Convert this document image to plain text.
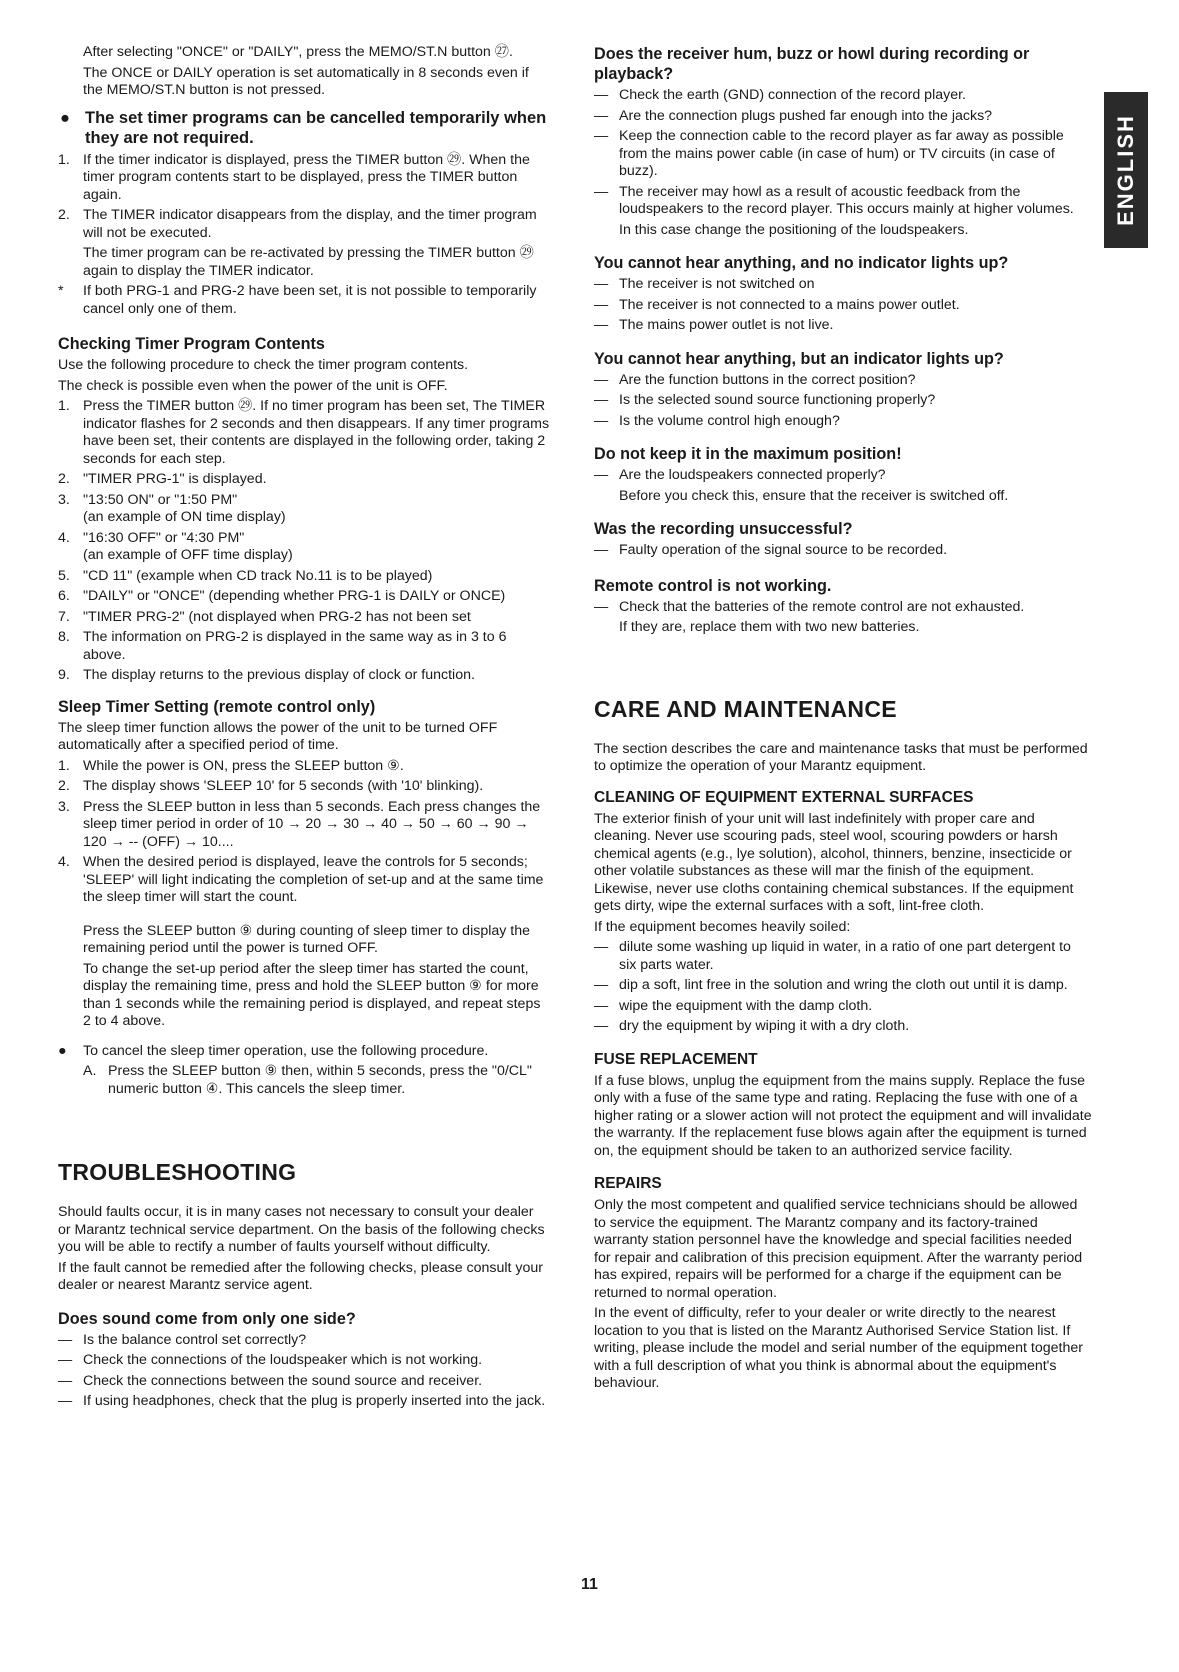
ENGLISH

After selecting "ONCE" or "DAILY", press the MEMO/ST.N button ㉗.

The ONCE or DAILY operation is set automatically in 8 seconds even if the MEMO/ST.N button is not pressed.

● The set timer programs can be cancelled temporarily when they are not required.
1. If the timer indicator is displayed, press the TIMER button ㉙. When the timer program contents start to be displayed, press the TIMER button again.
2. The TIMER indicator disappears from the display, and the timer program will not be executed.

The timer program can be re-activated by pressing the TIMER button ㉙ again to display the TIMER indicator.

*	If both PRG-1 and PRG-2 have been set, it is not possible to temporarily cancel only one of them.
Checking Timer Program Contents

Use the following procedure to check the timer program contents.

The check is possible even when the power of the unit is OFF.

1. Press the TIMER button ㉙. If no timer program has been set, The TIMER indicator flashes for 2 seconds and then disappears. If any timer programs have been set, their contents are displayed in the following order, taking 2 seconds for each step.
2. "TIMER PRG-1" is displayed.
3. "13:50 ON" or "1:50 PM"
(an example of ON time display)
4. "16:30 OFF" or "4:30 PM"
(an example of OFF time display)
5. "CD 11" (example when CD track No.11 is to be played)
6. "DAILY" or "ONCE" (depending whether PRG-1 is DAILY or ONCE)
7. "TIMER PRG-2" (not displayed when PRG-2 has not been set
8. The information on PRG-2 is displayed in the same way as in 3 to 6 above.
9. The display returns to the previous display of clock or function.
Sleep Timer Setting (remote control only)

The sleep timer function allows the power of the unit to be turned OFF automatically after a specified period of time.

1. While the power is ON, press the SLEEP button ⑨.
2. The display shows 'SLEEP 10' for 5 seconds (with '10' blinking).
3. Press the SLEEP button in less than 5 seconds. Each press changes the sleep timer period in order of 10 → 20 → 30 → 40 → 50 → 60 → 90 → 120 → -- (OFF) → 10....
4. When the desired period is displayed, leave the controls for 5 seconds; 'SLEEP' will light indicating the completion of set-up and at the same time the sleep timer will start the count.

Press the SLEEP button ⑨ during counting of sleep timer to display the remaining period until the power is turned OFF.

To change the set-up period after the sleep timer has started the count, display the remaining time, press and hold the SLEEP button ⑨ for more than 1 seconds while the remaining period is displayed, and repeat steps 2 to 4 above.

●	To cancel the sleep timer operation, use the following procedure.
A. Press the SLEEP button ⑨ then, within 5 seconds, press the "0/CL" numeric button ④. This cancels the sleep timer.
TROUBLESHOOTING

Should faults occur, it is in many cases not necessary to consult your dealer or Marantz technical service department. On the basis of the following checks you will be able to rectify a number of faults yourself without difficulty.

If the fault cannot be remedied after the following checks, please consult your dealer or nearest Marantz service agent.

Does sound come from only one side?
— Is the balance control set correctly?
— Check the connections of the loudspeaker which is not working.
— Check the connections between the sound source and receiver.
— If using headphones, check that the plug is properly inserted into the jack.
Does the receiver hum, buzz or howl during recording or playback?
— Check the earth (GND) connection of the record player.
— Are the connection plugs pushed far enough into the jacks?
— Keep the connection cable to the record player as far away as possible from the mains power cable (in case of hum) or TV circuits (in case of buzz).
— The receiver may howl as a result of acoustic feedback from the loudspeakers to the record player. This occurs mainly at higher volumes.

In this case change the positioning of the loudspeakers.

You cannot hear anything, and no indicator lights up?
— The receiver is not switched on
— The receiver is not connected to a mains power outlet.
— The mains power outlet is not live.
You cannot hear anything, but an indicator lights up?
— Are the function buttons in the correct position?
— Is the selected sound source functioning properly?
— Is the volume control high enough?
Do not keep it in the maximum position!
— Are the loudspeakers connected properly?

Before you check this, ensure that the receiver is switched off.

Was the recording unsuccessful?
— Faulty operation of the signal source to be recorded.
Remote control is not working.
— Check that the batteries of the remote control are not exhausted.

If they are, replace them with two new batteries.

CARE AND MAINTENANCE

The section describes the care and maintenance tasks that must be performed to optimize the operation of your Marantz equipment.

CLEANING OF EQUIPMENT EXTERNAL SURFACES

The exterior finish of your unit will last indefinitely with proper care and cleaning. Never use scouring pads, steel wool, scouring powders or harsh chemical agents (e.g., lye solution), alcohol, thinners, benzine, insecticide or other volatile substances as these will mar the finish of the equipment. Likewise, never use cloths containing chemical substances. If the equipment gets dirty, wipe the external surfaces with a soft, lint-free cloth.

If the equipment becomes heavily soiled:

— dilute some washing up liquid in water, in a ratio of one part detergent to six parts water.
— dip a soft, lint free in the solution and wring the cloth out until it is damp.
— wipe the equipment with the damp cloth.
— dry the equipment by wiping it with a dry cloth.
FUSE REPLACEMENT

If a fuse blows, unplug the equipment from the mains supply. Replace the fuse only with a fuse of the same type and rating. Replacing the fuse with one of a higher rating or a slower action will not protect the equipment and will invalidate the warranty. If the replacement fuse blows again after the equipment is turned on, the equipment should be taken to an authorized service facility.

REPAIRS

Only the most competent and qualified service technicians should be allowed to service the equipment. The Marantz company and its factory-trained warranty station personnel have the knowledge and special facilities needed for repair and calibration of this precision equipment. After the warranty period has expired, repairs will be performed for a charge if the equipment can be returned to normal operation.

In the event of difficulty, refer to your dealer or write directly to the nearest location to you that is listed on the Marantz Authorised Service Station list. If writing, please include the model and serial number of the equipment together with a full description of what you think is abnormal about the equipment's behaviour.

11
